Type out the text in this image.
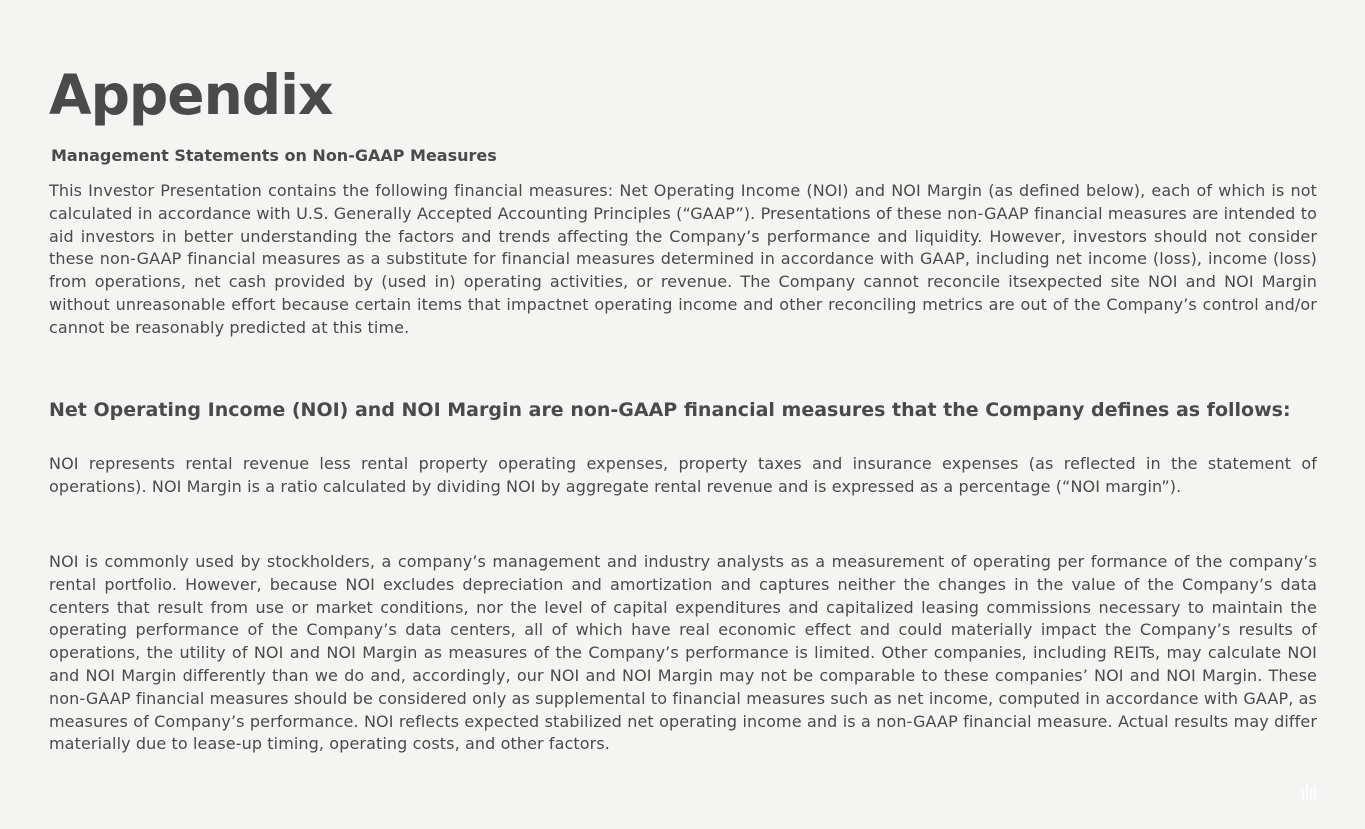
Appendix
Management Statements on Non-GAAP Measures

This Investor Presentation contains the following financial measures: Net Operating Income (NOI) and NOI Margin (as defined below), each of which is not calculated in accordance with U.S. Generally Accepted Accounting Principles (“GAAP”). Presentations of these non-GAAP financial measures are intended to aid investors in better understanding the factors and trends affecting the Company’s performance and liquidity. However, investors should not consider these non-GAAP financial measures as a substitute for financial measures determined in accordance with GAAP, including net income (loss), income (loss) from operations, net cash provided by (used in) operating activities, or revenue. The Company cannot reconcile itsexpected site NOI and NOI Margin without unreasonable effort because certain items that impactnet operating income and other reconciling metrics are out of the Company’s control and/or cannot be reasonably predicted at this time.

Net Operating Income (NOI) and NOI Margin are non-GAAP financial measures that the Company defines as follows:

NOI represents rental revenue less rental property operating expenses, property taxes and insurance expenses (as reflected in the statement of operations). NOI Margin is a ratio calculated by dividing NOI by aggregate rental revenue and is expressed as a percentage (“NOI margin”).

NOI is commonly used by stockholders, a company’s management and industry analysts as a measurement of operating per formance of the company’s rental portfolio. However, because NOI excludes depreciation and amortization and captures neither the changes in the value of the Company’s data centers that result from use or market conditions, nor the level of capital expenditures and capitalized leasing commissions necessary to maintain the operating performance of the Company’s data centers, all of which have real economic effect and could materially impact the Company’s results of operations, the utility of NOI and NOI Margin as measures of the Company’s performance is limited. Other companies, including REITs, may calculate NOI and NOI Margin differently than we do and, accordingly, our NOI and NOI Margin may not be comparable to these companies’ NOI and NOI Margin. These non-GAAP financial measures should be considered only as supplemental to financial measures such as net income, computed in accordance with GAAP, as measures of Company’s performance. NOI reflects expected stabilized net operating income and is a non-GAAP financial measure. Actual results may differ materially due to lease-up timing, operating costs, and other factors.
